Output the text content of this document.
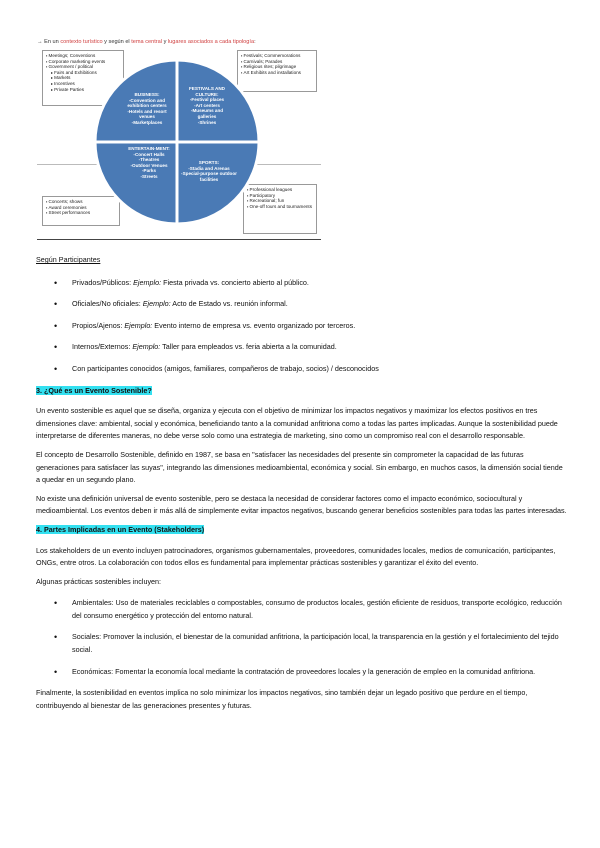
→ En un contexto turístico y según el tema central y lugares asociados a cada tipología:
▪ Meetings; Conventions
▪ Corporate marketing events
▪ Government / political
▸ Fairs and Exhibitions
▸ Markets
▸ Incentives
▸ Private Parties
▪ Festivals; Commemorations
▪ Carnivals; Parades
▪ Religious rites; pilgrimage
▪ Art Exhibits and installations
▪ Concerts; shows
▪ Award ceremonies
▪ Street performances
▪ Professional leagues
▪ Participatory
▪ Recreational; fun
▪ One-off tours and tournaments
BUSINESS:
- Convention and exhibition centers
- Hotels and resort venues
- Marketplaces
FESTIVALS AND CULTURE:
- Festival places
- Art centers
- Museums and galleries
- Shrines
ENTERTAIN-MENT:
- Concert Halls
- Theatres
- Outdoor Venues
- Parks
- Streets
SPORTS:
- Stadia and Arenas
- Special-purpose outdoor facilities
Según Participantes
• Privados/Públicos: Ejemplo: Fiesta privada vs. concierto abierto al público.
• Oficiales/No oficiales: Ejemplo: Acto de Estado vs. reunión informal.
• Propios/Ajenos: Ejemplo: Evento interno de empresa vs. evento organizado por terceros.
• Internos/Externos: Ejemplo: Taller para empleados vs. feria abierta a la comunidad.
• Con participantes conocidos (amigos, familiares, compañeros de trabajo, socios) / desconocidos
3. ¿Qué es un Evento Sostenible?

Un evento sostenible es aquel que se diseña, organiza y ejecuta con el objetivo de minimizar los impactos negativos y maximizar los efectos positivos en tres dimensiones clave: ambiental, social y económica, beneficiando tanto a la comunidad anfitriona como a todas las partes implicadas. Aunque la sostenibilidad puede interpretarse de diferentes maneras, no debe verse solo como una estrategia de marketing, sino como un compromiso real con el desarrollo responsable.

El concepto de Desarrollo Sostenible, definido en 1987, se basa en "satisfacer las necesidades del presente sin comprometer la capacidad de las futuras generaciones para satisfacer las suyas", integrando las dimensiones medioambiental, económica y social. Sin embargo, en muchos casos, la dimensión social tiende a quedar en un segundo plano.

No existe una definición universal de evento sostenible, pero se destaca la necesidad de considerar factores como el impacto económico, sociocultural y medioambiental. Los eventos deben ir más allá de simplemente evitar impactos negativos, buscando generar beneficios sostenibles para todas las partes interesadas.

4. Partes Implicadas en un Evento (Stakeholders)

Los stakeholders de un evento incluyen patrocinadores, organismos gubernamentales, proveedores, comunidades locales, medios de comunicación, participantes, ONGs, entre otros. La colaboración con todos ellos es fundamental para implementar prácticas sostenibles y garantizar el éxito del evento.

Algunas prácticas sostenibles incluyen:

• Ambientales: Uso de materiales reciclables o compostables, consumo de productos locales, gestión eficiente de residuos, transporte ecológico, reducción del consumo energético y protección del entorno natural.
• Sociales: Promover la inclusión, el bienestar de la comunidad anfitriona, la participación local, la transparencia en la gestión y el fortalecimiento del tejido social.
• Económicas: Fomentar la economía local mediante la contratación de proveedores locales y la generación de empleo en la comunidad anfitriona.

Finalmente, la sostenibilidad en eventos implica no solo minimizar los impactos negativos, sino también dejar un legado positivo que perdure en el tiempo, contribuyendo al bienestar de las generaciones presentes y futuras.
